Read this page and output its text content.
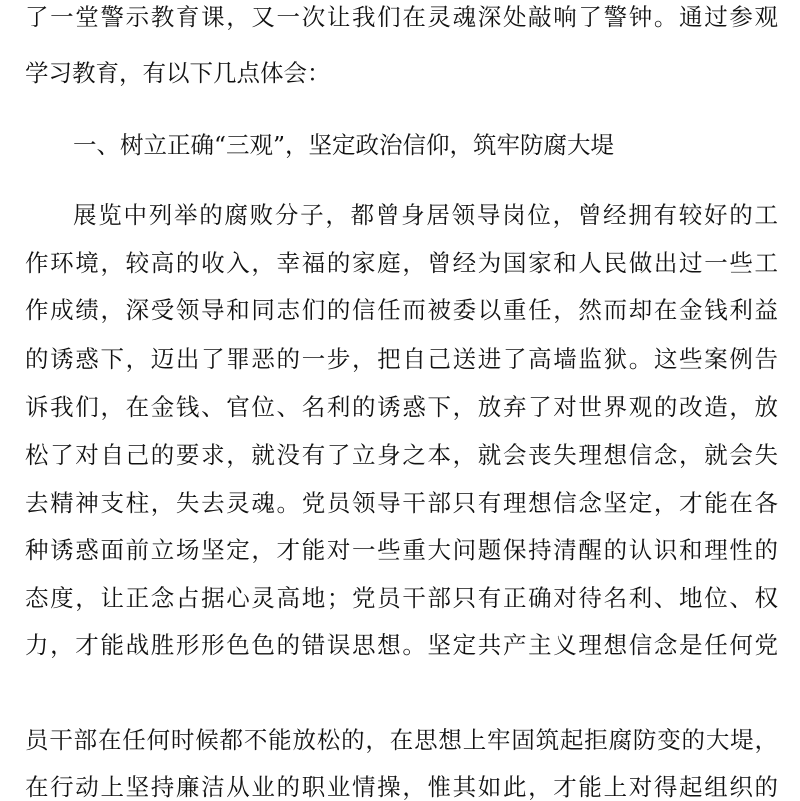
了一堂警示教育课，又一次让我们在灵魂深处敲响了警钟。通过参观
学习教育，有以下几点体会：
一、树立正确“三观”，坚定政治信仰，筑牢防腐大堤
展览中列举的腐败分子，都曾身居领导岗位，曾经拥有较好的工
作环境，较高的收入，幸福的家庭，曾经为国家和人民做出过一些工
作成绩，深受领导和同志们的信任而被委以重任，然而却在金钱利益
的诱惑下，迈出了罪恶的一步，把自己送进了高墙监狱。这些案例告
诉我们，在金钱、官位、名利的诱惑下，放弃了对世界观的改造，放
松了对自己的要求，就没有了立身之本，就会丧失理想信念，就会失
去精神支柱，失去灵魂。党员领导干部只有理想信念坚定，才能在各
种诱惑面前立场坚定，才能对一些重大问题保持清醒的认识和理性的
态度，让正念占据心灵高地；党员干部只有正确对待名利、地位、权
力，才能战胜形形色色的错误思想。坚定共产主义理想信念是任何党
员干部在任何时候都不能放松的，在思想上牢固筑起拒腐防变的大堤，
在行动上坚持廉洁从业的职业情操，惟其如此，才能上对得起组织的
